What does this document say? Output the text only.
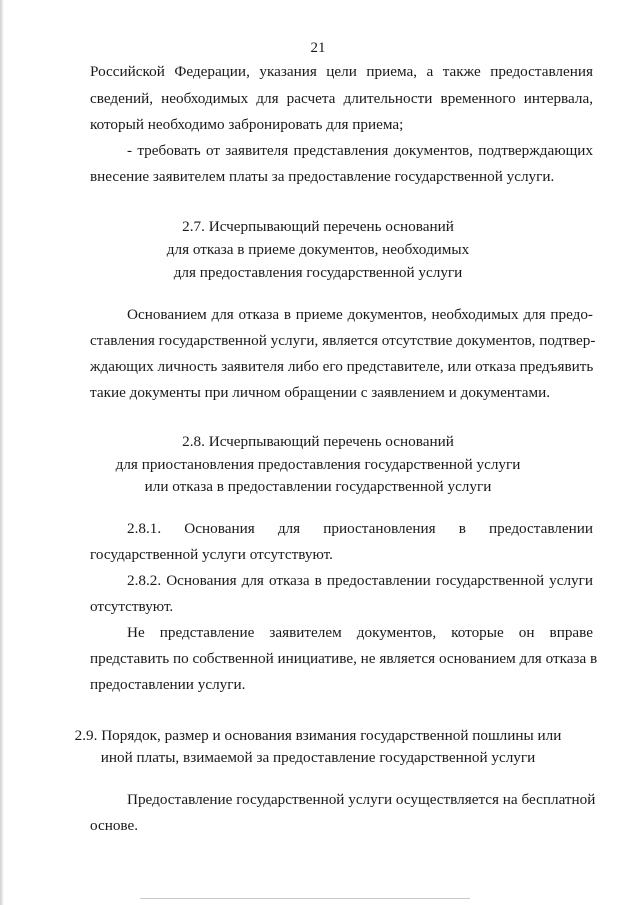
21

Российской Федерации, указания цели приема, а также предоставления

сведений, необходимых для расчета длительности временного интервала,

который необходимо забронировать для приема;

- требовать от заявителя представления документов, подтверждающих

внесение заявителем платы за предоставление государственной услуги.

2.7. Исчерпывающий перечень оснований

для отказа в приеме документов, необходимых

для предоставления государственной услуги

Основанием для отказа в приеме документов, необходимых для предо-

ставления государственной услуги, является отсутствие документов, подтвер-

ждающих личность заявителя либо его представителе, или отказа предъявить

такие документы при личном обращении с заявлением и документами.

2.8. Исчерпывающий перечень оснований

для приостановления предоставления государственной услуги

или отказа в предоставлении государственной услуги

2.8.1. Основания для приостановления в предоставлении

государственной услуги отсутствуют.

2.8.2. Основания для отказа в предоставлении государственной услуги

отсутствуют.

Не представление заявителем документов, которые он вправе

представить по собственной инициативе, не является основанием для отказа в

предоставлении услуги.

2.9. Порядок, размер и основания взимания государственной пошлины или

иной платы, взимаемой за предоставление государственной услуги

Предоставление государственной услуги осуществляется на бесплатной

основе.
